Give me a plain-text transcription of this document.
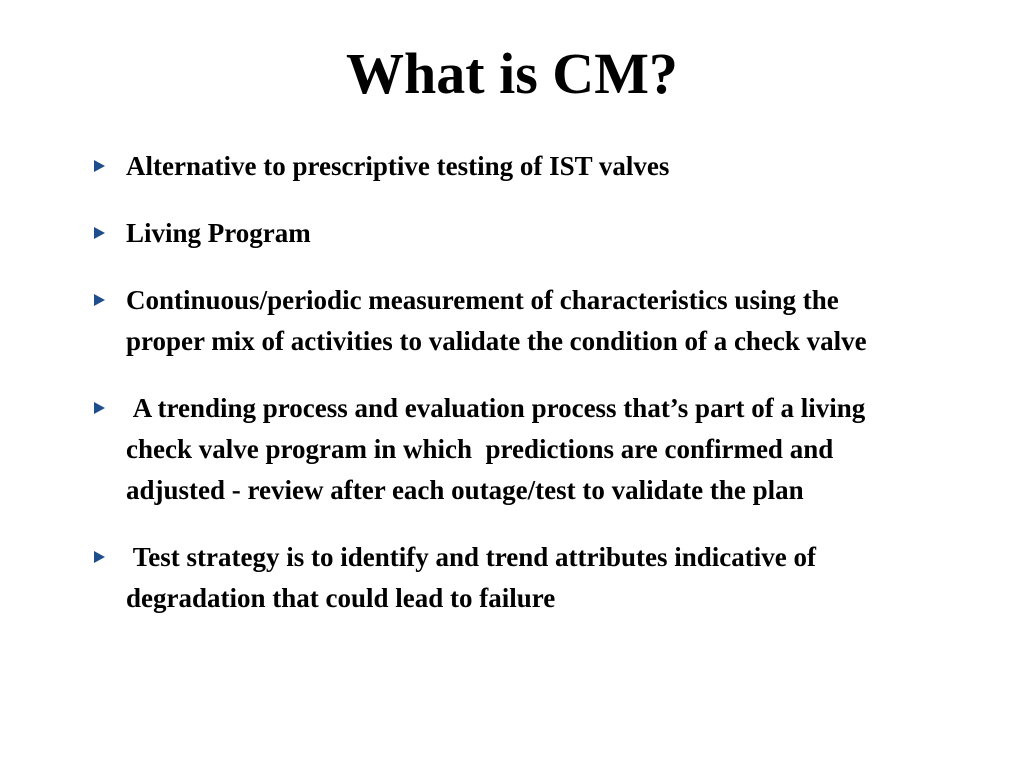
What is CM?
Alternative to prescriptive testing of IST valves
Living Program
Continuous/periodic measurement of characteristics using the proper mix of activities to validate the condition of a check valve
A trending process and evaluation process that’s part of a living check valve program in which  predictions are confirmed and adjusted - review after each outage/test to validate the plan
Test strategy is to identify and trend attributes indicative of degradation that could lead to failure
